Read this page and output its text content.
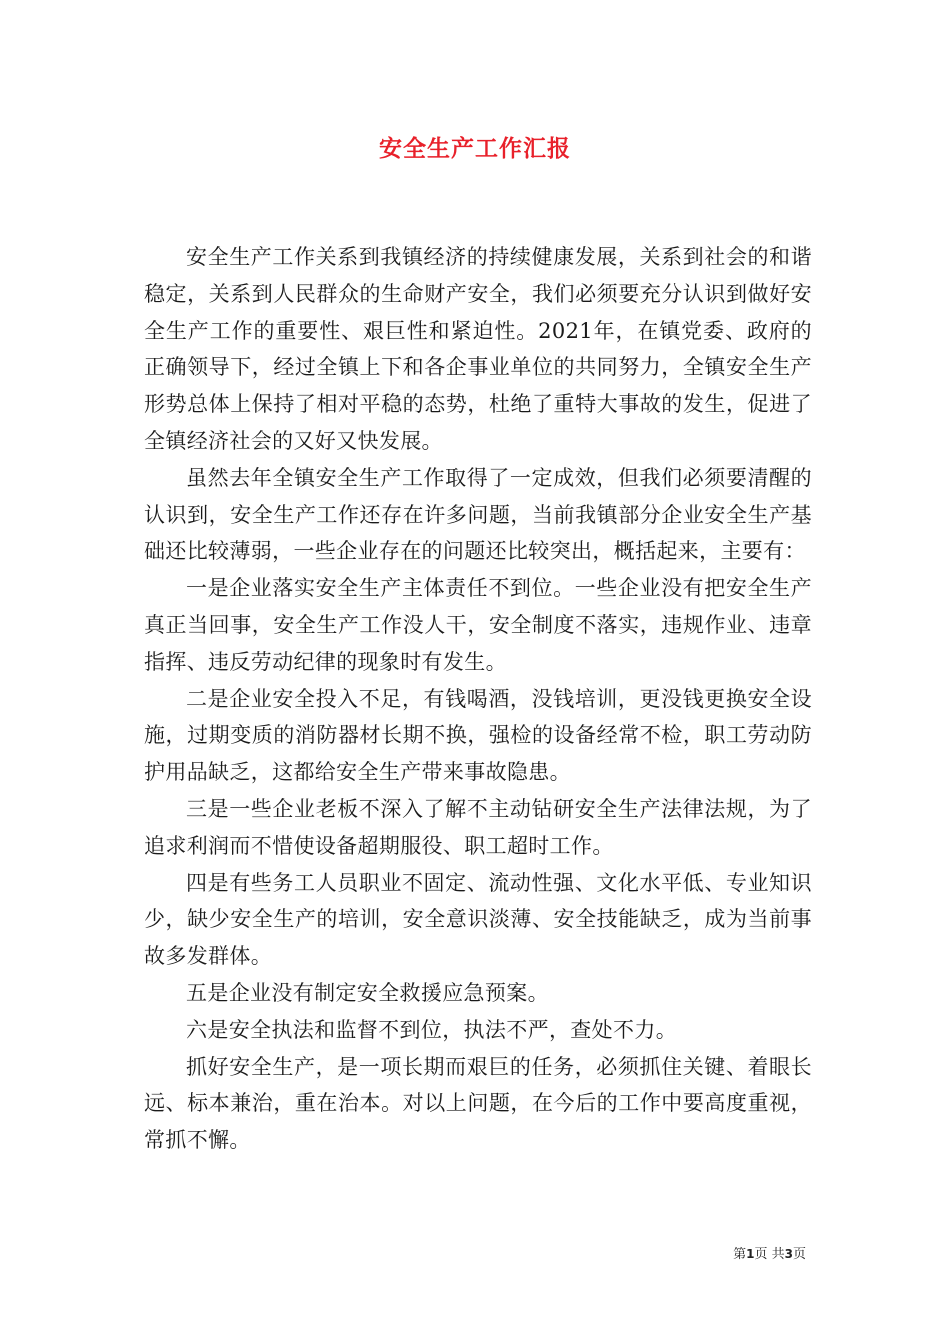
安全生产工作汇报

安全生产工作关系到我镇经济的持续健康发展，关系到社会的和谐稳定，关系到人民群众的生命财产安全，我们必须要充分认识到做好安全生产工作的重要性、艰巨性和紧迫性。2021年，在镇党委、政府的正确领导下，经过全镇上下和各企事业单位的共同努力，全镇安全生产形势总体上保持了相对平稳的态势，杜绝了重特大事故的发生，促进了全镇经济社会的又好又快发展。

虽然去年全镇安全生产工作取得了一定成效，但我们必须要清醒的认识到，安全生产工作还存在许多问题，当前我镇部分企业安全生产基础还比较薄弱，一些企业存在的问题还比较突出，概括起来，主要有：

一是企业落实安全生产主体责任不到位。一些企业没有把安全生产真正当回事，安全生产工作没人干，安全制度不落实，违规作业、违章指挥、违反劳动纪律的现象时有发生。

二是企业安全投入不足，有钱喝酒，没钱培训，更没钱更换安全设施，过期变质的消防器材长期不换，强检的设备经常不检，职工劳动防护用品缺乏，这都给安全生产带来事故隐患。

三是一些企业老板不深入了解不主动钻研安全生产法律法规，为了追求利润而不惜使设备超期服役、职工超时工作。

四是有些务工人员职业不固定、流动性强、文化水平低、专业知识少，缺少安全生产的培训，安全意识淡薄、安全技能缺乏，成为当前事故多发群体。

五是企业没有制定安全救援应急预案。

六是安全执法和监督不到位，执法不严，查处不力。

抓好安全生产，是一项长期而艰巨的任务，必须抓住关键、着眼长远、标本兼治，重在治本。对以上问题，在今后的工作中要高度重视，常抓不懈。

第1页 共3页
